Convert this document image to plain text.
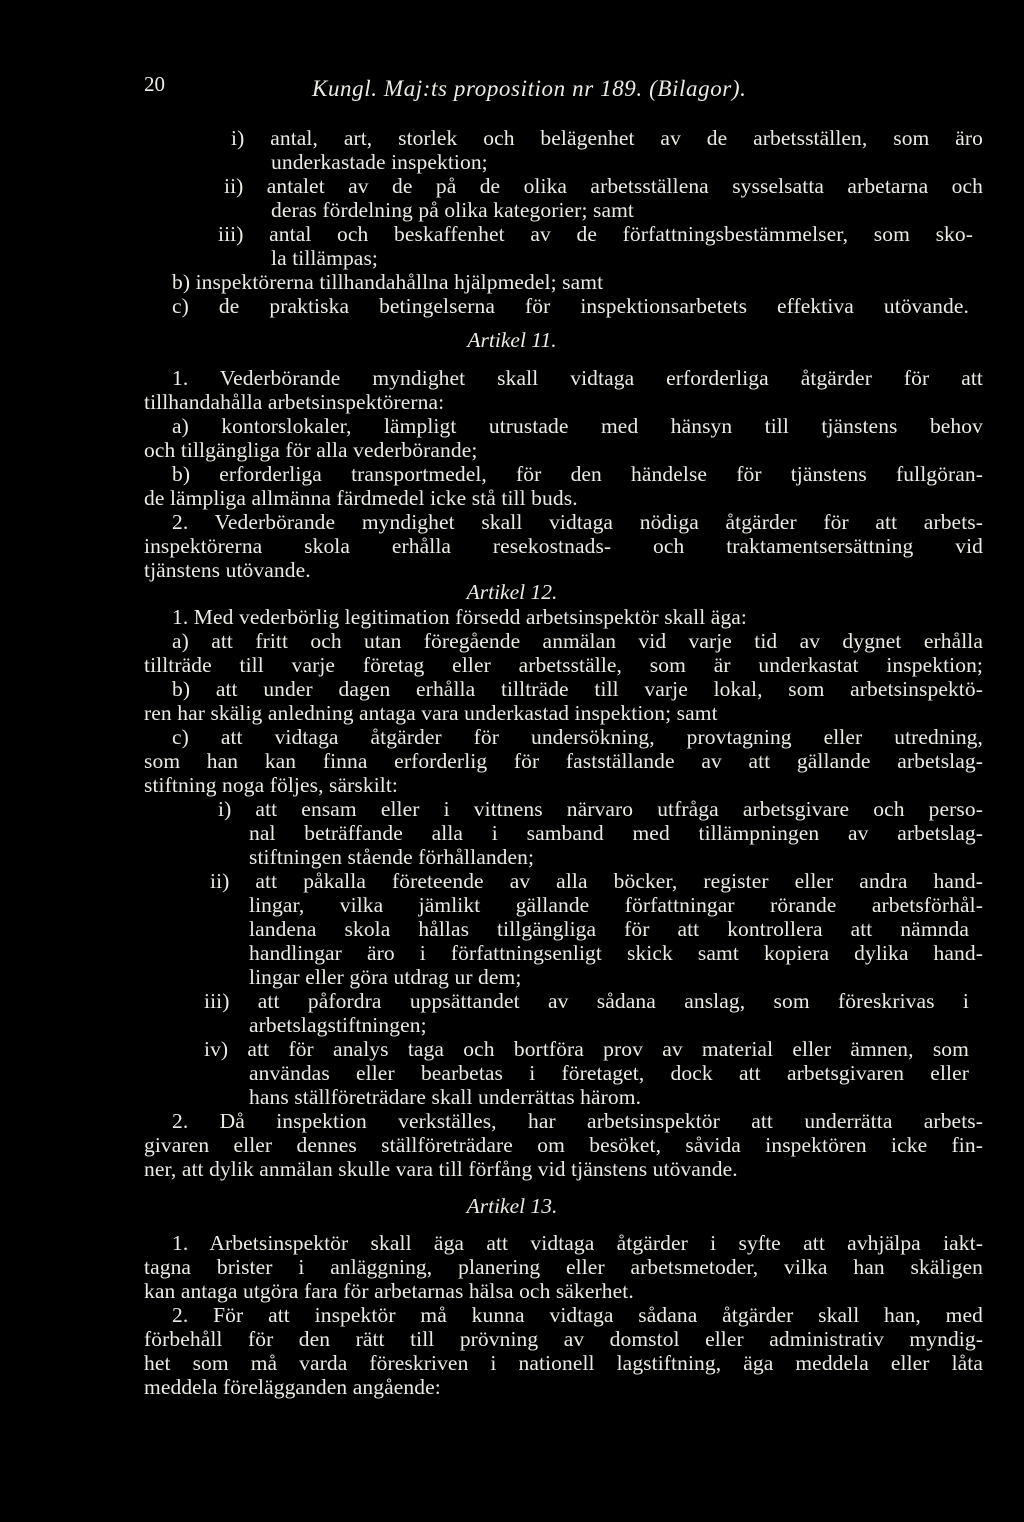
20	Kungl. Maj:ts proposition nr 189. (Bilagor).
i) antal, art, storlek och belägenhet av de arbetsställen, som äro
underkastade inspektion;
ii) antalet av de på de olika arbetsställena sysselsatta arbetarna och
deras fördelning på olika kategorier; samt
iii) antal och beskaffenhet av de författningsbestämmelser, som sko-
la tillämpas;
b) inspektörerna tillhandahållna hjälpmedel; samt
c) de praktiska betingelserna för inspektionsarbetets effektiva utövande.
Artikel 11.
1. Vederbörande myndighet skall vidtaga erforderliga åtgärder för att
tillhandahålla arbetsinspektörerna:
a) kontorslokaler, lämpligt utrustade med hänsyn till tjänstens behov
och tillgängliga för alla vederbörande;
b) erforderliga transportmedel, för den händelse för tjänstens fullgöran-
de lämpliga allmänna färdmedel icke stå till buds.
2. Vederbörande myndighet skall vidtaga nödiga åtgärder för att arbets-
inspektörerna skola erhålla resekostnads- och traktamentsersättning vid
tjänstens utövande.
Artikel 12.
1. Med vederbörlig legitimation försedd arbetsinspektör skall äga:
a) att fritt och utan föregående anmälan vid varje tid av dygnet erhålla
tillträde till varje företag eller arbetsställe, som är underkastat inspektion;
b) att under dagen erhålla tillträde till varje lokal, som arbetsinspektö-
ren har skälig anledning antaga vara underkastad inspektion; samt
c) att vidtaga åtgärder för undersökning, provtagning eller utredning,
som han kan finna erforderlig för fastställande av att gällande arbetslag-
stiftning noga följes, särskilt:
i) att ensam eller i vittnens närvaro utfråga arbetsgivare och perso-
nal beträffande alla i samband med tillämpningen av arbetslag-
stiftningen stående förhållanden;
ii) att påkalla företeende av alla böcker, register eller andra hand-
lingar, vilka jämlikt gällande författningar rörande arbetsförhål-
landena skola hållas tillgängliga för att kontrollera att nämnda
handlingar äro i författningsenligt skick samt kopiera dylika hand-
lingar eller göra utdrag ur dem;
iii) att påfordra uppsättandet av sådana anslag, som föreskrivas i
arbetslagstiftningen;
iv) att för analys taga och bortföra prov av material eller ämnen, som
användas eller bearbetas i företaget, dock att arbetsgivaren eller
hans ställföreträdare skall underrättas härom.
2. Då inspektion verkställes, har arbetsinspektör att underrätta arbets-
givaren eller dennes ställföreträdare om besöket, såvida inspektören icke fin-
ner, att dylik anmälan skulle vara till förfång vid tjänstens utövande.
Artikel 13.
1. Arbetsinspektör skall äga att vidtaga åtgärder i syfte att avhjälpa iakt-
tagna brister i anläggning, planering eller arbetsmetoder, vilka han skäligen
kan antaga utgöra fara för arbetarnas hälsa och säkerhet.
2. För att inspektör må kunna vidtaga sådana åtgärder skall han, med
förbehåll för den rätt till prövning av domstol eller administrativ myndig-
het som må varda föreskriven i nationell lagstiftning, äga meddela eller låta
meddela förelägganden angående:
